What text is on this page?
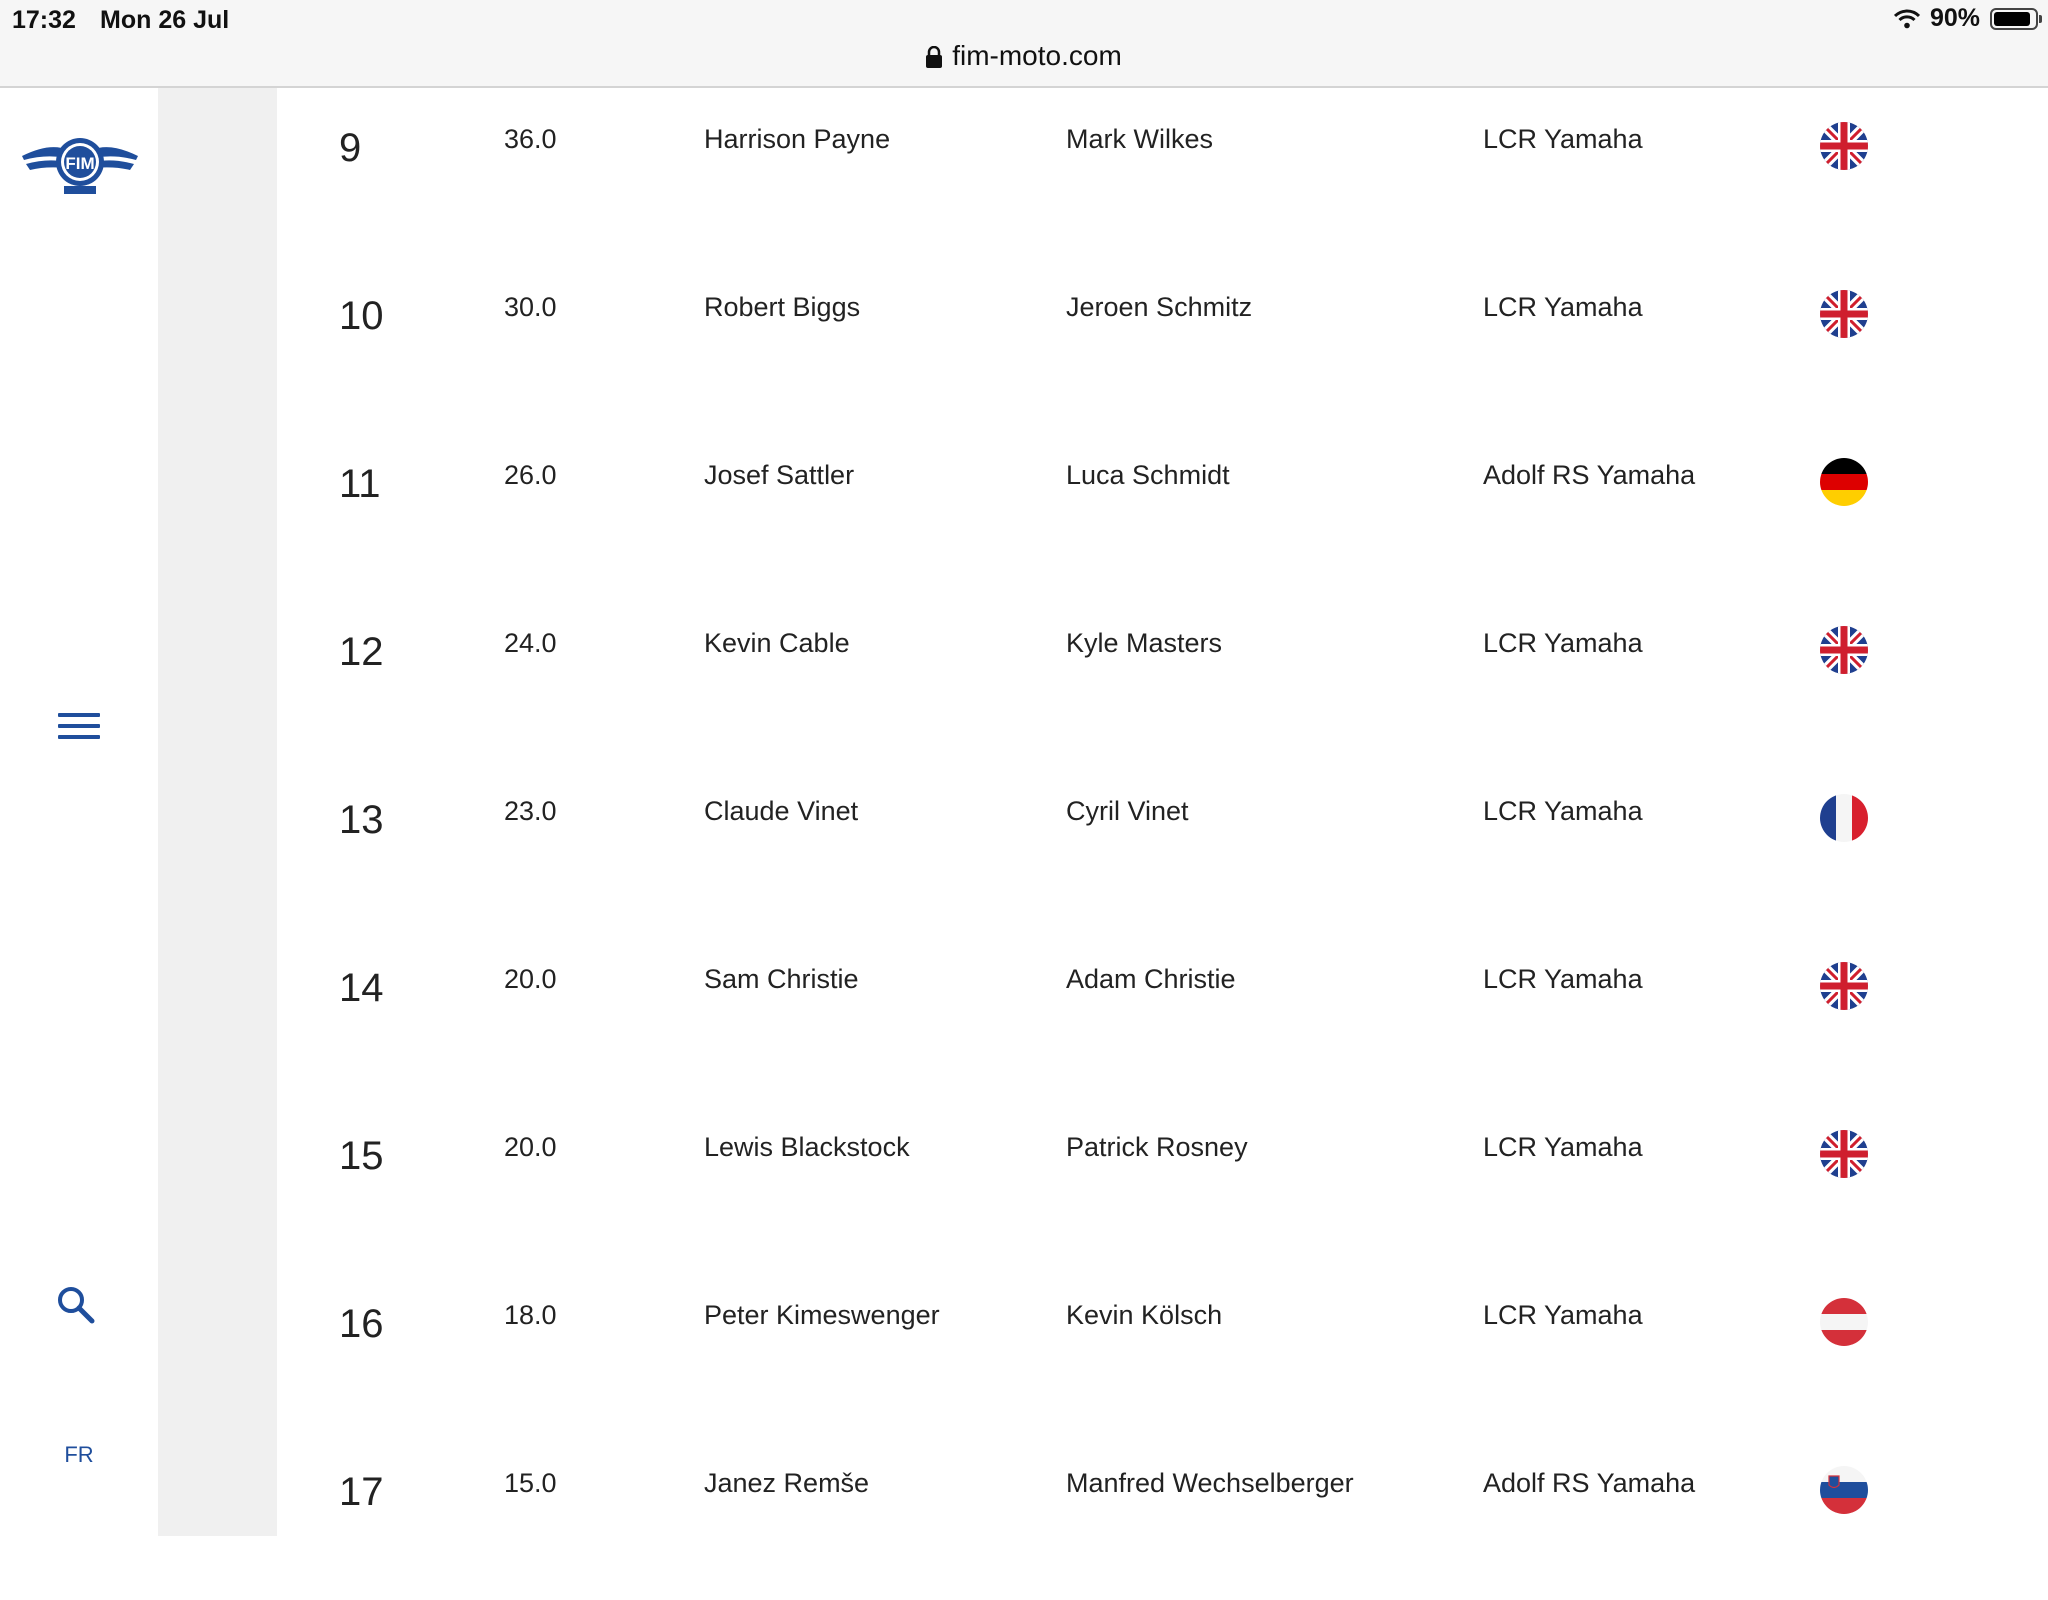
17:32 Mon 26 Jul
fim-moto.com
90%
FIM
FR
9	36.0	Harrison Payne	Mark Wilkes	LCR Yamaha
10	30.0	Robert Biggs	Jeroen Schmitz	LCR Yamaha
11	26.0	Josef Sattler	Luca Schmidt	Adolf RS Yamaha
12	24.0	Kevin Cable	Kyle Masters	LCR Yamaha
13	23.0	Claude Vinet	Cyril Vinet	LCR Yamaha
14	20.0	Sam Christie	Adam Christie	LCR Yamaha
15	20.0	Lewis Blackstock	Patrick Rosney	LCR Yamaha
16	18.0	Peter Kimeswenger	Kevin Kölsch	LCR Yamaha
17	15.0	Janez Remše	Manfred Wechselberger	Adolf RS Yamaha
